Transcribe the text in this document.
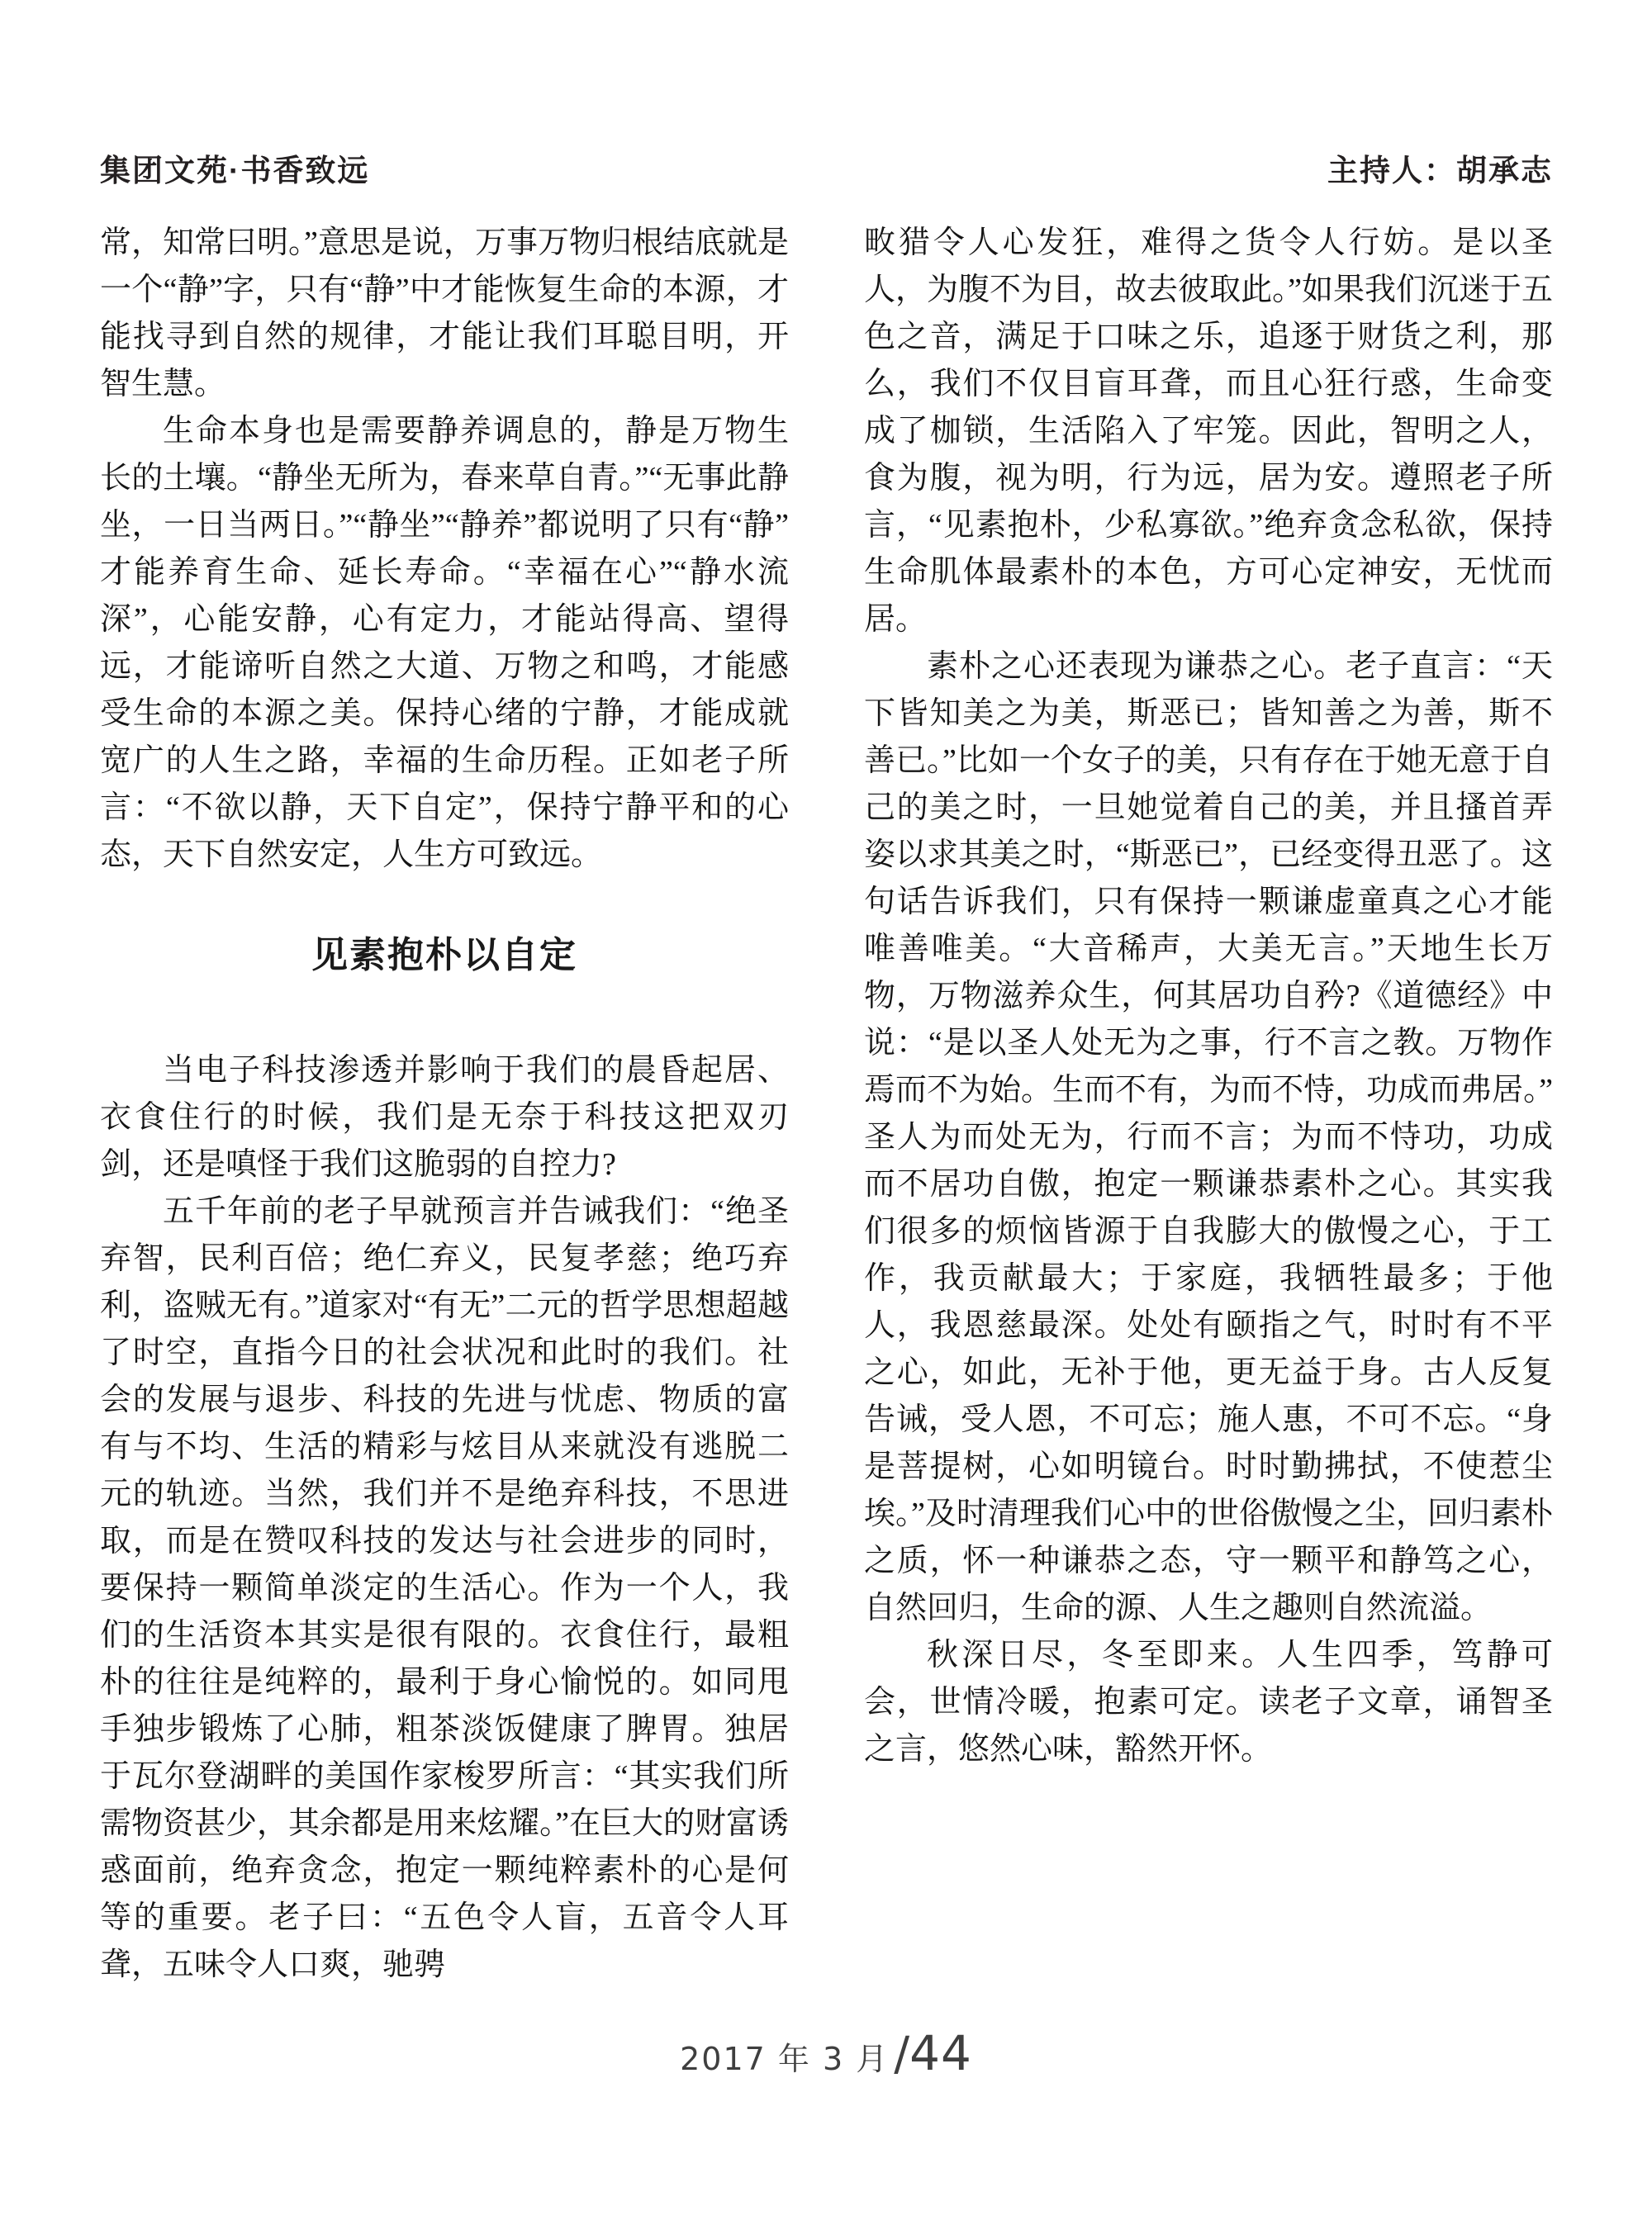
集团文苑·书香致远	主持人：胡承志

常，知常曰明。”意思是说，万事万物归根结底就是一个“静”字，只有“静”中才能恢复生命的本源，才能找寻到自然的规律，才能让我们耳聪目明，开智生慧。

生命本身也是需要静养调息的，静是万物生长的土壤。“静坐无所为，春来草自青。”“无事此静坐，一日当两日。”“静坐”“静养”都说明了只有“静”才能养育生命、延长寿命。“幸福在心”“静水流深”，心能安静，心有定力，才能站得高、望得远，才能谛听自然之大道、万物之和鸣，才能感受生命的本源之美。保持心绪的宁静，才能成就宽广的人生之路，幸福的生命历程。正如老子所言：“不欲以静，天下自定”，保持宁静平和的心态，天下自然安定，人生方可致远。

见素抱朴以自定

当电子科技渗透并影响于我们的晨昏起居、衣食住行的时候，我们是无奈于科技这把双刃剑，还是嗔怪于我们这脆弱的自控力?

五千年前的老子早就预言并告诫我们：“绝圣弃智，民利百倍；绝仁弃义，民复孝慈；绝巧弃利，盗贼无有。”道家对“有无”二元的哲学思想超越了时空，直指今日的社会状况和此时的我们。社会的发展与退步、科技的先进与忧虑、物质的富有与不均、生活的精彩与炫目从来就没有逃脱二元的轨迹。当然，我们并不是绝弃科技，不思进取，而是在赞叹科技的发达与社会进步的同时，要保持一颗简单淡定的生活心。作为一个人，我们的生活资本其实是很有限的。衣食住行，最粗朴的往往是纯粹的，最利于身心愉悦的。如同甩手独步锻炼了心肺，粗茶淡饭健康了脾胃。独居于瓦尔登湖畔的美国作家梭罗所言：“其实我们所需物资甚少，其余都是用来炫耀。”在巨大的财富诱惑面前，绝弃贪念，抱定一颗纯粹素朴的心是何等的重要。老子曰：“五色令人盲，五音令人耳聋，五味令人口爽，驰骋

畋猎令人心发狂，难得之货令人行妨。是以圣人，为腹不为目，故去彼取此。”如果我们沉迷于五色之音，满足于口味之乐，追逐于财货之利，那么，我们不仅目盲耳聋，而且心狂行惑，生命变成了枷锁，生活陷入了牢笼。因此，智明之人，食为腹，视为明，行为远，居为安。遵照老子所言，“见素抱朴，少私寡欲。”绝弃贪念私欲，保持生命肌体最素朴的本色，方可心定神安，无忧而居。

素朴之心还表现为谦恭之心。老子直言：“天下皆知美之为美，斯恶已；皆知善之为善，斯不善已。”比如一个女子的美，只有存在于她无意于自己的美之时，一旦她觉着自己的美，并且搔首弄姿以求其美之时，“斯恶已”，已经变得丑恶了。这句话告诉我们，只有保持一颗谦虚童真之心才能唯善唯美。“大音稀声，大美无言。”天地生长万物，万物滋养众生，何其居功自矜?《道德经》中说：“是以圣人处无为之事，行不言之教。万物作焉而不为始。生而不有，为而不恃，功成而弗居。”圣人为而处无为，行而不言；为而不恃功，功成而不居功自傲，抱定一颗谦恭素朴之心。其实我们很多的烦恼皆源于自我膨大的傲慢之心，于工作，我贡献最大；于家庭，我牺牲最多；于他人，我恩慈最深。处处有颐指之气，时时有不平之心，如此，无补于他，更无益于身。古人反复告诫，受人恩，不可忘；施人惠，不可不忘。“身是菩提树，心如明镜台。时时勤拂拭，不使惹尘埃。”及时清理我们心中的世俗傲慢之尘，回归素朴之质，怀一种谦恭之态，守一颗平和静笃之心，自然回归，生命的源、人生之趣则自然流溢。

秋深日尽，冬至即来。人生四季，笃静可会，世情冷暖，抱素可定。读老子文章，诵智圣之言，悠然心味，豁然开怀。

2017 年 3 月 /44
